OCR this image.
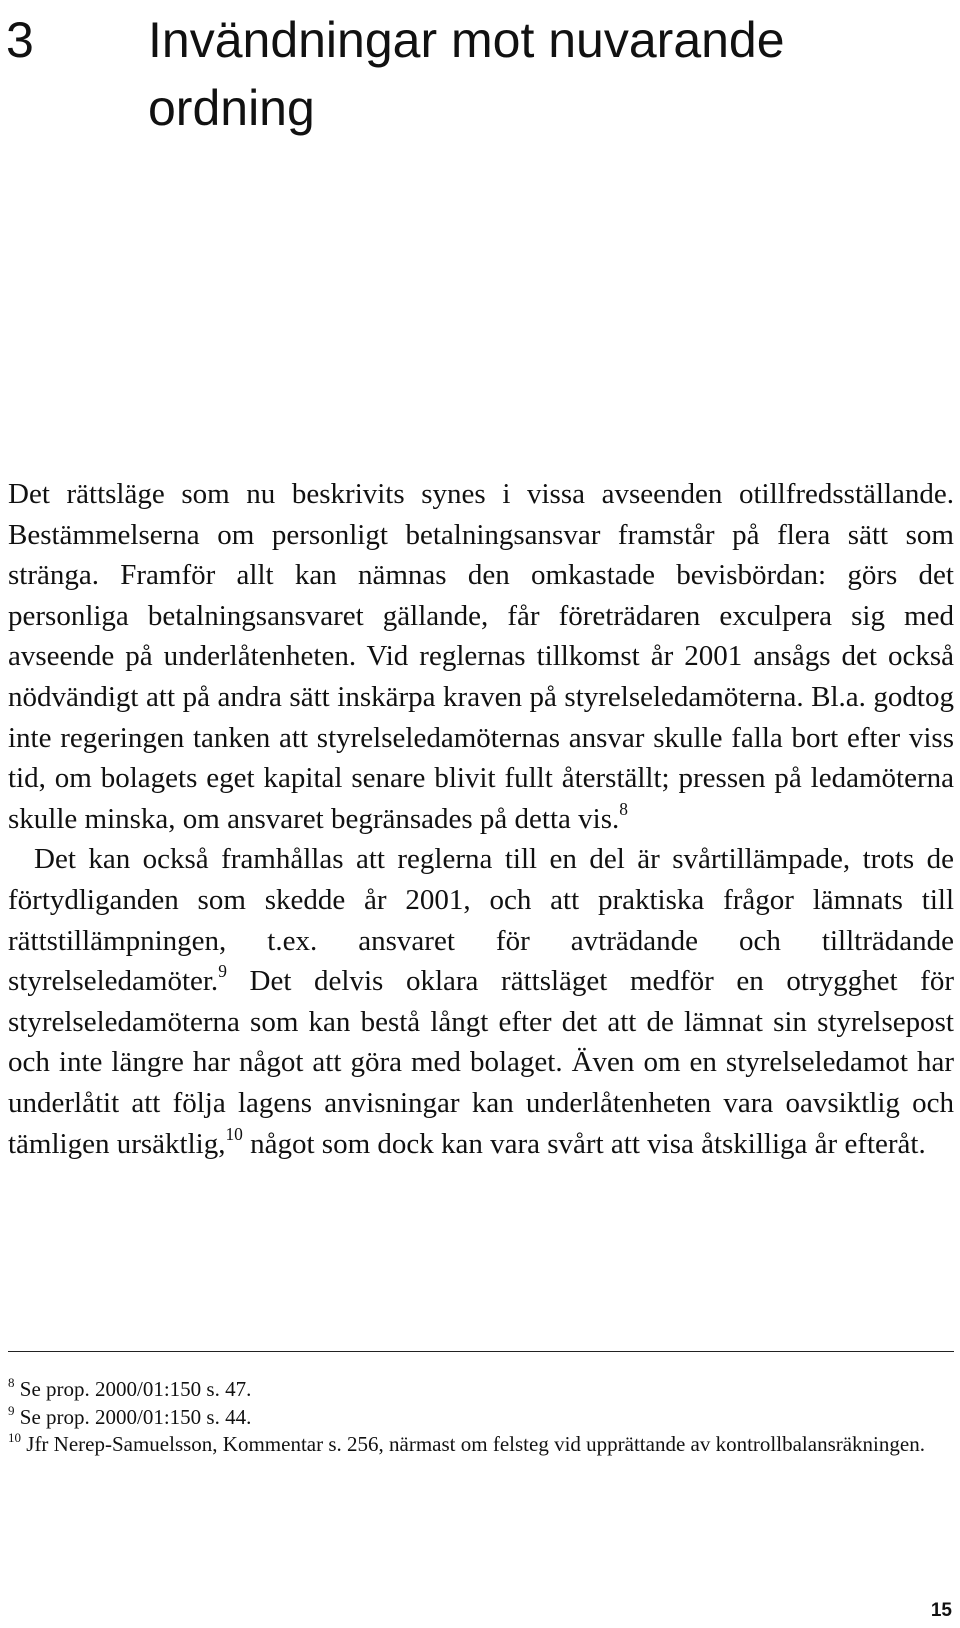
3 Invändningar mot nuvarande ordning

Det rättsläge som nu beskrivits synes i vissa avseenden otillfredsställande. Bestämmelserna om personligt betalningsansvar framstår på flera sätt som stränga. Framför allt kan nämnas den omkastade bevisbördan: görs det personliga betalningsansvaret gällande, får företrädaren exculpera sig med avseende på underlåtenheten. Vid reglernas tillkomst år 2001 ansågs det också nödvändigt att på andra sätt inskärpa kraven på styrelseledamöterna. Bl.a. godtog inte regeringen tanken att styrelseledamöternas ansvar skulle falla bort efter viss tid, om bolagets eget kapital senare blivit fullt återställt; pressen på ledamöterna skulle minska, om ansvaret begränsades på detta vis.$^8$

Det kan också framhållas att reglerna till en del är svårtillämpade, trots de förtydliganden som skedde år 2001, och att praktiska frågor lämnats till rättstillämpningen, t.ex. ansvaret för avträdande och tillträdande styrelseledamöter.$^9$ Det delvis oklara rättsläget medför en otrygghet för styrelseledamöterna som kan bestå långt efter det att de lämnat sin styrelsepost och inte längre har något att göra med bolaget. Även om en styrelseledamot har underlåtit att följa lagens anvisningar kan underlåtenheten vara oavsiktlig och tämligen ursäktlig,$^{10}$ något som dock kan vara svårt att visa åtskilliga år efteråt.

$^8$ Se prop. 2000/01:150 s. 47.

$^9$ Se prop. 2000/01:150 s. 44.

$^{10}$ Jfr Nerep-Samuelsson, Kommentar s. 256, närmast om felsteg vid upprättande av kontrollbalansräkningen.

15
